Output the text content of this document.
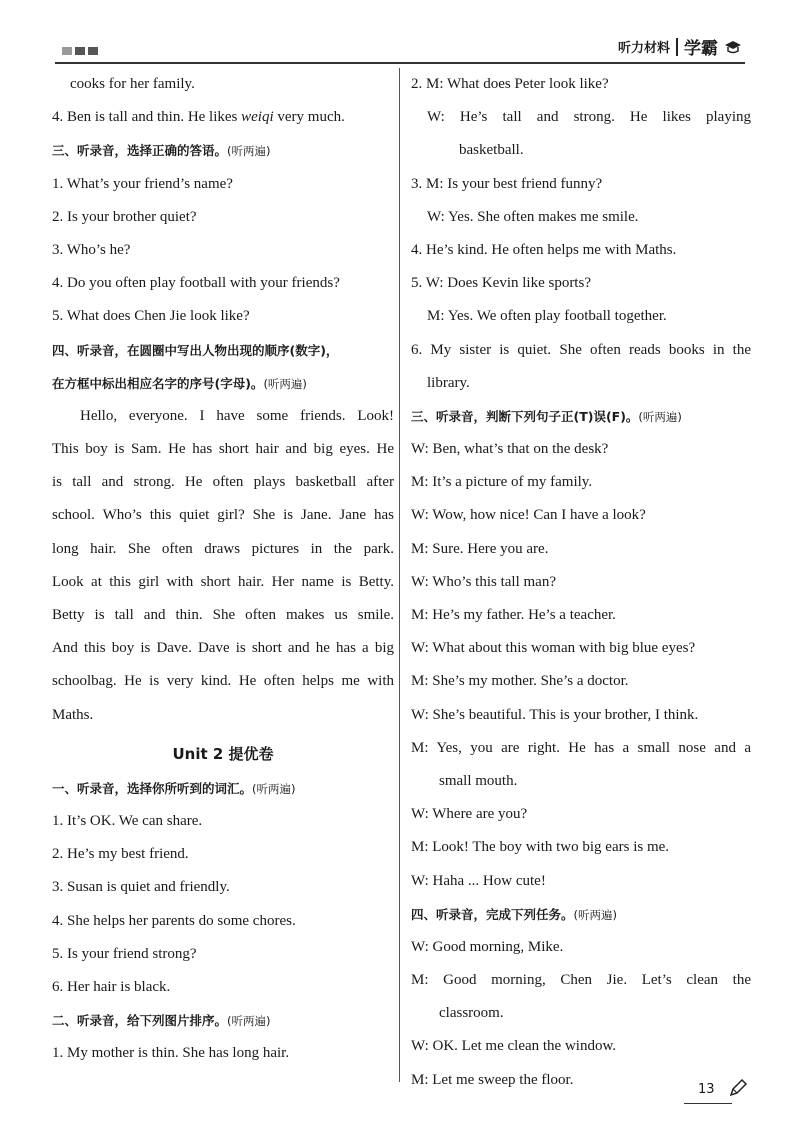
听力材料 学霸
cooks for her family.
4. Ben is tall and thin. He likes weiqi very much.
三、听录音，选择正确的答语。(听两遍)
1. What’s your friend’s name?
2. Is your brother quiet?
3. Who’s he?
4. Do you often play football with your friends?
5. What does Chen Jie look like?
四、听录音，在圆圈中写出人物出现的顺序(数字)，
在方框中标出相应名字的序号(字母)。(听两遍)
Hello, everyone. I have some friends. Look!
This boy is Sam. He has short hair and big eyes. He
is tall and strong. He often plays basketball after
school. Who’s this quiet girl? She is Jane. Jane has
long hair. She often draws pictures in the park.
Look at this girl with short hair. Her name is Betty.
Betty is tall and thin. She often makes us smile.
And this boy is Dave. Dave is short and he has a big
schoolbag. He is very kind. He often helps me with
Maths.
Unit 2 提优卷
一、听录音，选择你所听到的词汇。(听两遍)
1. It’s OK. We can share.
2. He’s my best friend.
3. Susan is quiet and friendly.
4. She helps her parents do some chores.
5. Is your friend strong?
6. Her hair is black.
二、听录音，给下列图片排序。(听两遍)
1. My mother is thin. She has long hair.
2. M: What does Peter look like?
W: He’s tall and strong. He likes playing
basketball.
3. M: Is your best friend funny?
W: Yes. She often makes me smile.
4. He’s kind. He often helps me with Maths.
5. W: Does Kevin like sports?
M: Yes. We often play football together.
6. My sister is quiet. She often reads books in the
library.
三、听录音，判断下列句子正(T)误(F)。(听两遍)
W: Ben, what’s that on the desk?
M: It’s a picture of my family.
W: Wow, how nice! Can I have a look?
M: Sure. Here you are.
W: Who’s this tall man?
M: He’s my father. He’s a teacher.
W: What about this woman with big blue eyes?
M: She’s my mother. She’s a doctor.
W: She’s beautiful. This is your brother, I think.
M: Yes, you are right. He has a small nose and a
small mouth.
W: Where are you?
M: Look! The boy with two big ears is me.
W: Haha ... How cute!
四、听录音，完成下列任务。(听两遍)
W: Good morning, Mike.
M: Good morning, Chen Jie. Let’s clean the
classroom.
W: OK. Let me clean the window.
M: Let me sweep the floor.
13
